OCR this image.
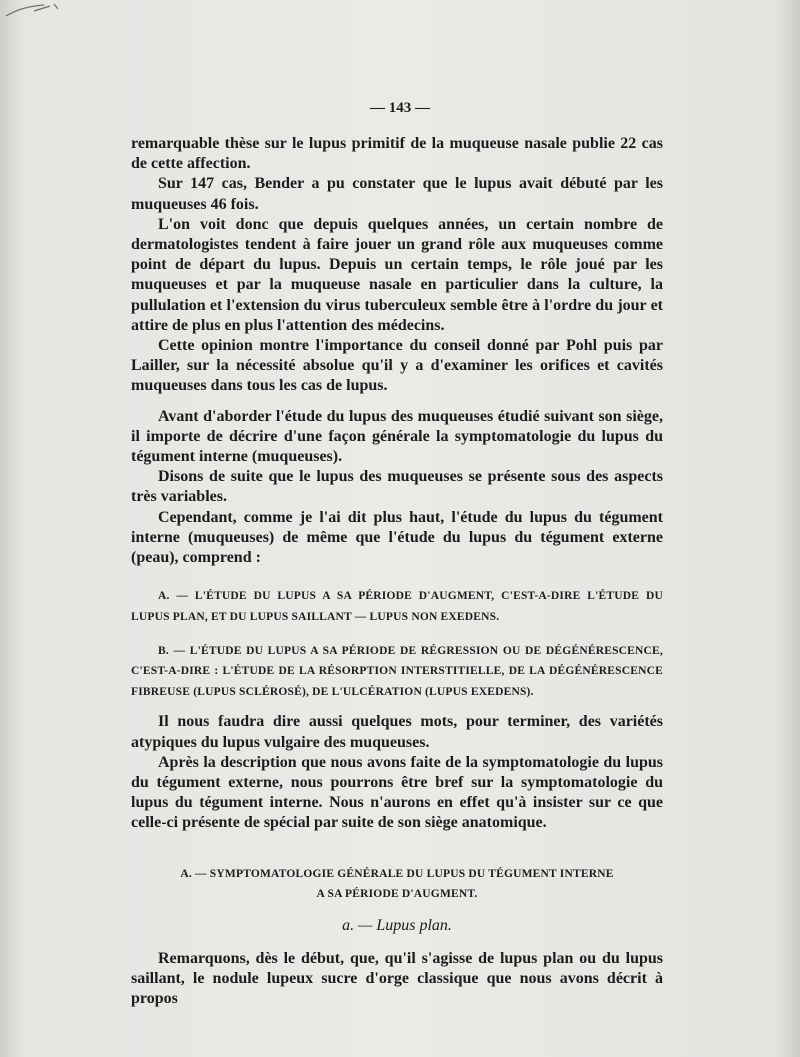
— 143 —

remarquable thèse sur le lupus primitif de la muqueuse nasale publie 22 cas de cette affection.

Sur 147 cas, Bender a pu constater que le lupus avait débuté par les muqueuses 46 fois.

L'on voit donc que depuis quelques années, un certain nombre de dermatologistes tendent à faire jouer un grand rôle aux muqueuses comme point de départ du lupus. Depuis un certain temps, le rôle joué par les muqueuses et par la muqueuse nasale en particulier dans la culture, la pullulation et l'extension du virus tuberculeux semble être à l'ordre du jour et attire de plus en plus l'attention des médecins.

Cette opinion montre l'importance du conseil donné par Pohl puis par Lailler, sur la nécessité absolue qu'il y a d'examiner les orifices et cavités muqueuses dans tous les cas de lupus.

Avant d'aborder l'étude du lupus des muqueuses étudié suivant son siège, il importe de décrire d'une façon générale la symptomatologie du lupus du tégument interne (muqueuses).

Disons de suite que le lupus des muqueuses se présente sous des aspects très variables.

Cependant, comme je l'ai dit plus haut, l'étude du lupus du tégument interne (muqueuses) de même que l'étude du lupus du tégument externe (peau), comprend :

A. — L'ÉTUDE DU LUPUS A SA PÉRIODE D'AUGMENT, C'EST-A-DIRE L'ÉTUDE DU LUPUS PLAN, ET DU LUPUS SAILLANT — LUPUS NON EXEDENS.

B. — L'ÉTUDE DU LUPUS A SA PÉRIODE DE RÉGRESSION OU DE DÉGÉNÉRESCENCE, C'EST-A-DIRE : L'ÉTUDE DE LA RÉSORPTION INTERSTITIELLE, DE LA DÉGÉNÉRESCENCE FIBREUSE (LUPUS SCLÉROSÉ), DE L'ULCÉRATION (LUPUS EXEDENS).

Il nous faudra dire aussi quelques mots, pour terminer, des variétés atypiques du lupus vulgaire des muqueuses.

Après la description que nous avons faite de la symptomatologie du lupus du tégument externe, nous pourrons être bref sur la symptomatologie du lupus du tégument interne. Nous n'aurons en effet qu'à insister sur ce que celle-ci présente de spécial par suite de son siège anatomique.

A. — SYMPTOMATOLOGIE GÉNÉRALE DU LUPUS DU TÉGUMENT INTERNE
A SA PÉRIODE D'AUGMENT.

a. — Lupus plan.

Remarquons, dès le début, que, qu'il s'agisse de lupus plan ou du lupus saillant, le nodule lupeux sucre d'orge classique que nous avons décrit à propos
